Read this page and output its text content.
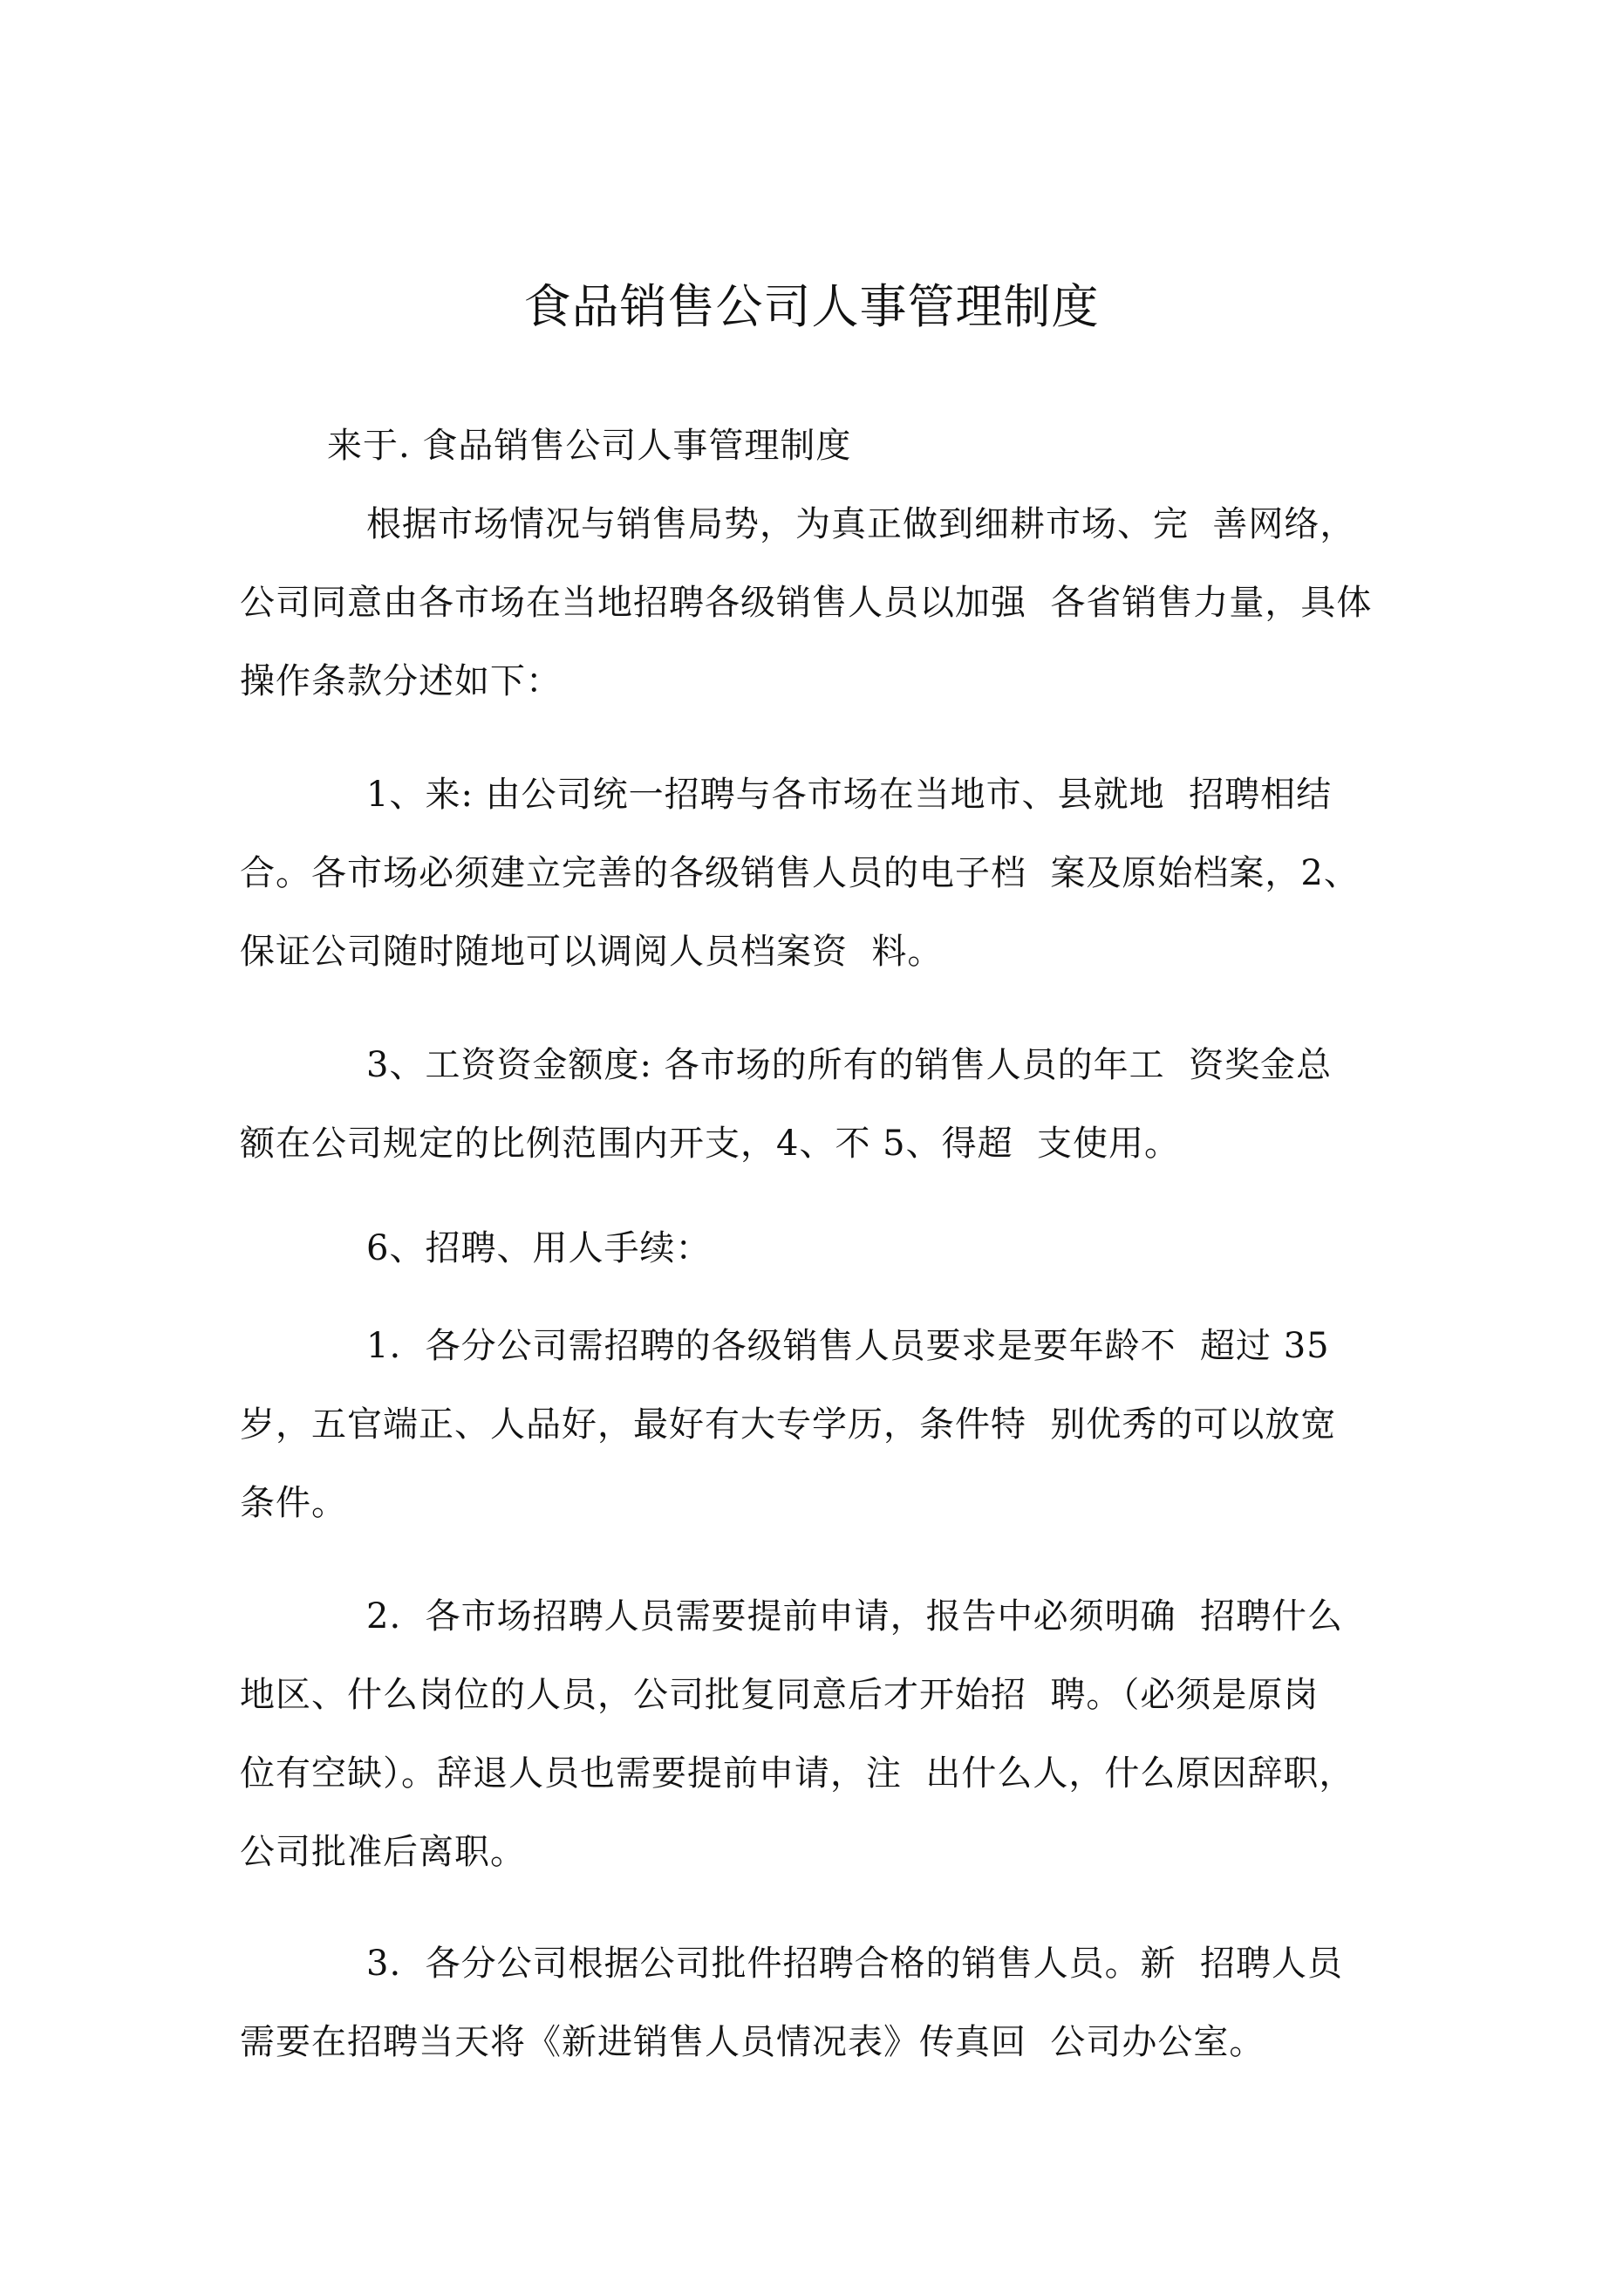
食品销售公司人事管理制度

来于. 食品销售公司人事管理制度

根据市场情况与销售局势，为真正做到细耕市场、完  善网络，

公司同意由各市场在当地招聘各级销售人员以加强  各省销售力量，具体

操作条款分述如下：

1、来: 由公司统一招聘与各市场在当地市、县就地  招聘相结

合。各市场必须建立完善的各级销售人员的电子档  案及原始档案，2、

保证公司随时随地可以调阅人员档案资  料。

3、工资资金额度: 各市场的所有的销售人员的年工  资奖金总

额在公司规定的比例范围内开支，4、不 5、得超  支使用。

6、招聘、用人手续：

1.  各分公司需招聘的各级销售人员要求是要年龄不  超过 35

岁，五官端正、人品好，最好有大专学历，条件特  别优秀的可以放宽

条件。

2.  各市场招聘人员需要提前申请，报告中必须明确  招聘什么

地区、什么岗位的人员，公司批复同意后才开始招  聘。（必须是原岗

位有空缺）。辞退人员也需要提前申请，注  出什么人，什么原因辞职，

公司批准后离职。

3.  各分公司根据公司批件招聘合格的销售人员。新  招聘人员

需要在招聘当天将《新进销售人员情况表》传真回  公司办公室。
